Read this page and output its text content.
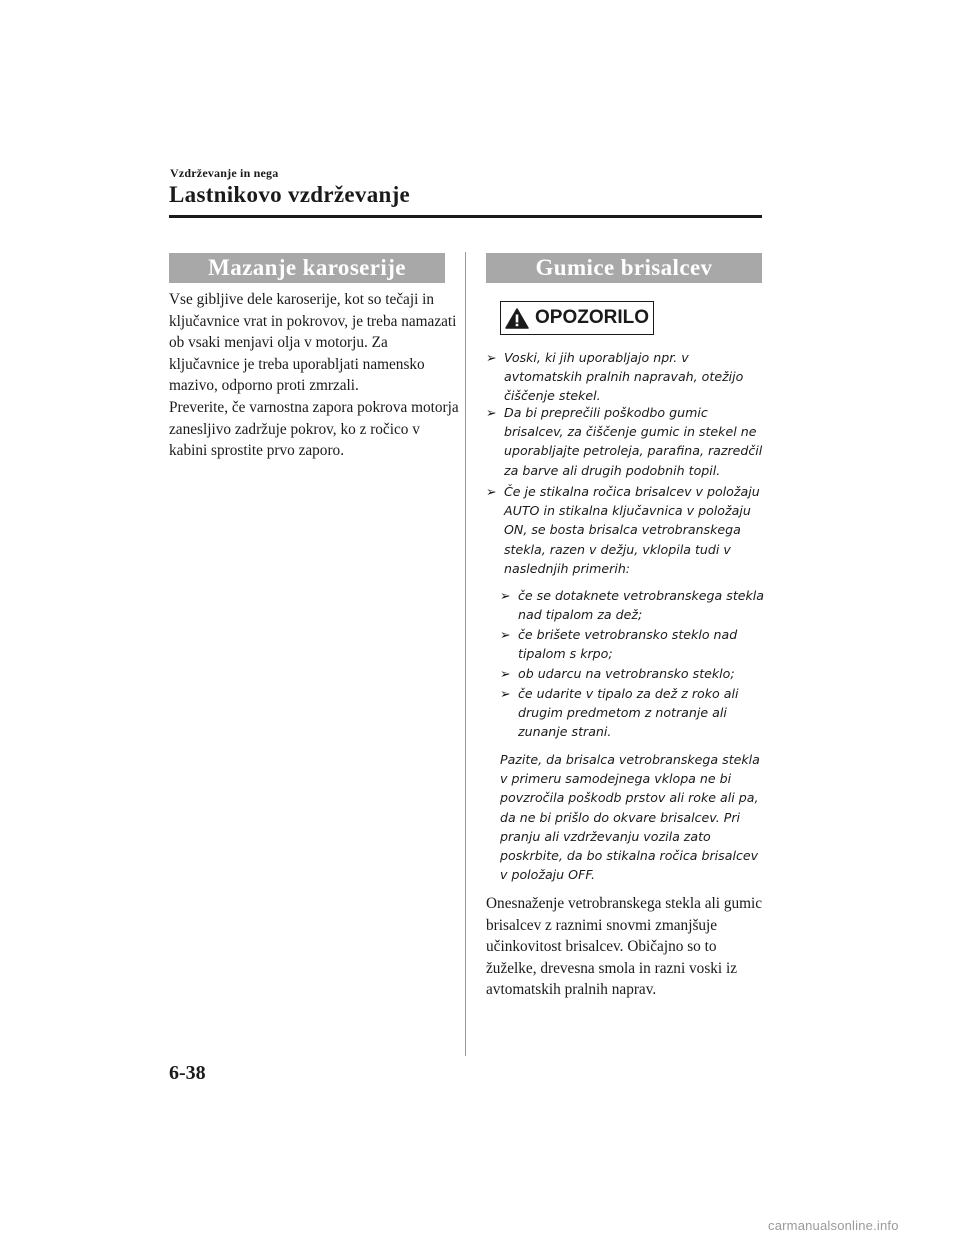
Vzdrževanje in nega
Lastnikovo vzdrževanje
Mazanje karoserije
Vse gibljive dele karoserije, kot so tečaji in ključavnice vrat in pokrovov, je treba namazati ob vsaki menjavi olja v motorju. Za ključavnice je treba uporabljati namensko mazivo, odporno proti zmrzali.
Preverite, če varnostna zapora pokrova motorja zanesljivo zadržuje pokrov, ko z ročico v kabini sprostite prvo zaporo.
Gumice brisalcev
OPOZORILO

➢ Voski, ki jih uporabljajo npr. v avtomatskih pralnih napravah, otežijo čiščenje stekel.

➢ Da bi preprečili poškodbo gumic brisalcev, za čiščenje gumic in stekel ne uporabljajte petroleja, parafina, razredčil za barve ali drugih podobnih topil.

➢ Če je stikalna ročica brisalcev v položaju AUTO in stikalna ključavnica v položaju ON, se bosta brisalca vetrobranskega stekla, razen v dežju, vklopila tudi v naslednjih primerih:

➢ če se dotaknete vetrobranskega stekla nad tipalom za dež;

➢ če brišete vetrobransko steklo nad tipalom s krpo;

➢ ob udarcu na vetrobransko steklo;

➢ če udarite v tipalo za dež z roko ali drugim predmetom z notranje ali zunanje strani.

Pazite, da brisalca vetrobranskega stekla v primeru samodejnega vklopa ne bi povzročila poškodb prstov ali roke ali pa, da ne bi prišlo do okvare brisalcev. Pri pranju ali vzdrževanju vozila zato poskrbite, da bo stikalna ročica brisalcev v položaju OFF.
Onesnaženje vetrobranskega stekla ali gumic brisalcev z raznimi snovmi zmanjšuje učinkovitost brisalcev. Običajno so to žuželke, drevesna smola in razni voski iz avtomatskih pralnih naprav.
6-38
carmanualsonline.info
